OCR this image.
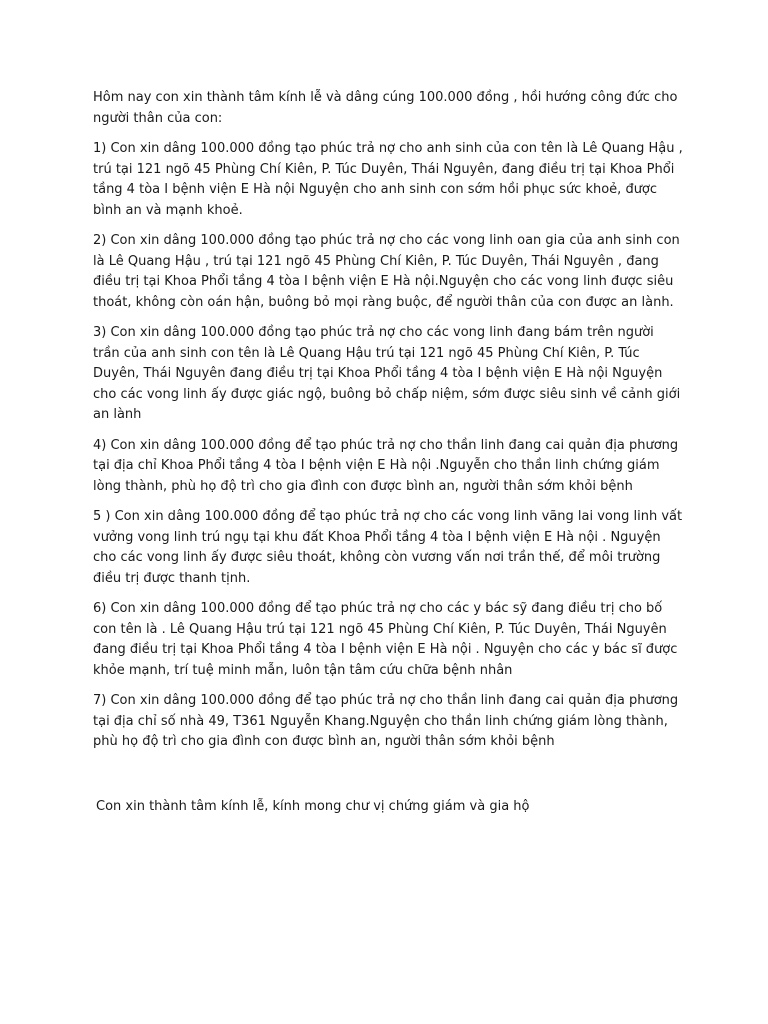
Hôm nay con xin thành tâm kính lễ và dâng cúng 100.000 đồng , hồi hướng công đức cho người thân của con:

1) Con xin dâng 100.000 đồng tạo phúc trả nợ cho anh sinh của con tên là Lê Quang Hậu , trú tại 121 ngõ 45 Phùng Chí Kiên, P. Túc Duyên, Thái Nguyên, đang điều trị tại Khoa Phổi tầng 4 tòa I bệnh viện E Hà nội Nguyện cho anh sinh con sớm hồi phục sức khoẻ, được bình an và mạnh khoẻ.

2) Con xin dâng 100.000 đồng tạo phúc trả nợ cho các vong linh oan gia của anh sinh con là Lê Quang Hậu , trú tại 121 ngõ 45 Phùng Chí Kiên, P. Túc Duyên, Thái Nguyên , đang điều trị tại Khoa Phổi tầng 4 tòa I bệnh viện E Hà nội.Nguyện cho các vong linh được siêu thoát, không còn oán hận, buông bỏ mọi ràng buộc, để người thân của con được an lành.

3) Con xin dâng 100.000 đồng tạo phúc trả nợ cho các vong linh đang bám trên người trần của anh sinh con tên là Lê Quang Hậu trú tại 121 ngõ 45 Phùng Chí Kiên, P. Túc Duyên, Thái Nguyên đang điều trị tại Khoa Phổi tầng 4 tòa I bệnh viện E Hà nội Nguyện cho các vong linh ấy được giác ngộ, buông bỏ chấp niệm, sớm được siêu sinh về cảnh giới an lành

4) Con xin dâng 100.000 đồng để tạo phúc trả nợ cho thần linh đang cai quản địa phương tại địa chỉ Khoa Phổi tầng 4 tòa I bệnh viện E Hà nội .Nguyễn cho thần linh chứng giám lòng thành, phù họ độ trì cho gia đình con được bình an, người thân sớm khỏi bệnh

5 ) Con xin dâng 100.000 đồng để tạo phúc trả nợ cho các vong linh vãng lai vong linh vất vưởng vong linh trú ngụ tại khu đất Khoa Phổi tầng 4 tòa I bệnh viện E Hà nội . Nguyện cho các vong linh ấy được siêu thoát, không còn vương vấn nơi trần thế, để môi trường điều trị được thanh tịnh.

6) Con xin dâng 100.000 đồng để tạo phúc trả nợ cho các y bác sỹ đang điều trị cho bố con tên là . Lê Quang Hậu trú tại 121 ngõ 45 Phùng Chí Kiên, P. Túc Duyên, Thái Nguyên đang điều trị tại Khoa Phổi tầng 4 tòa I bệnh viện E Hà nội . Nguyện cho các y bác sĩ được khỏe mạnh, trí tuệ minh mẫn, luôn tận tâm cứu chữa bệnh nhân

7) Con xin dâng 100.000 đồng để tạo phúc trả nợ cho thần linh đang cai quản địa phương tại địa chỉ số nhà 49, T361 Nguyễn Khang.Nguyện cho thần linh chứng giám lòng thành, phù họ độ trì cho gia đình con được bình an, người thân sớm khỏi bệnh

Con xin thành tâm kính lễ, kính mong chư vị chứng giám và gia hộ
